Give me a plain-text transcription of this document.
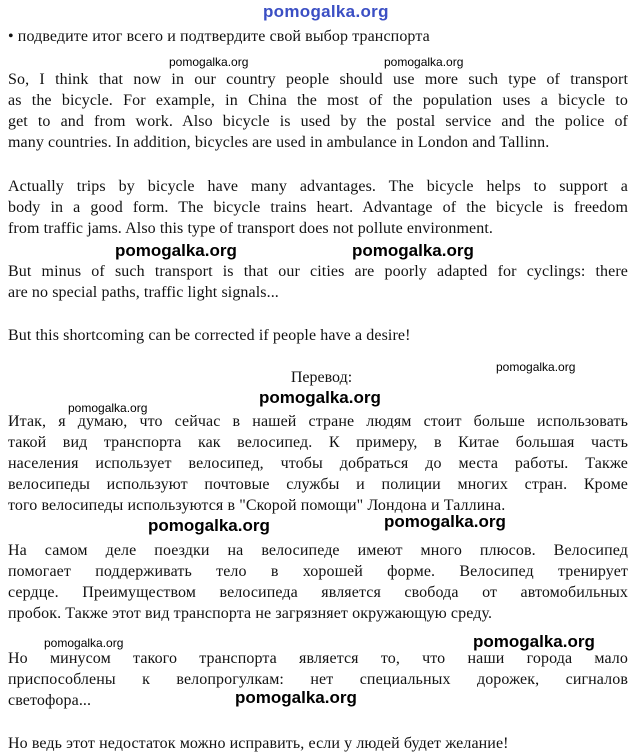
pomogalka.org
• подведите итог всего и подтвердите свой выбор транспорта
So, I think that now in our country people should use more such type of transport
as the bicycle. For example, in China the most of the population uses a bicycle to
get to and from work. Also bicycle is used by the postal service and the police of
many countries. In addition, bicycles are used in ambulance in London and Tallinn.
Actually trips by bicycle have many advantages. The bicycle helps to support a
body in a good form. The bicycle trains heart. Advantage of the bicycle is freedom
from traffic jams. Also this type of transport does not pollute environment.
But minus of such transport is that our cities are poorly adapted for cyclings: there
are no special paths, traffic light signals...
But this shortcoming can be corrected if people have a desire!
Перевод:
Итак, я думаю, что сейчас в нашей стране людям стоит больше использовать
такой вид транспорта как велосипед. К примеру, в Китае большая часть
населения использует велосипед, чтобы добраться до места работы. Также
велосипеды используют почтовые службы и полиции многих стран. Кроме
того велосипеды используются в "Скорой помощи" Лондона и Таллина.
На самом деле поездки на велосипеде имеют много плюсов. Велосипед
помогает поддерживать тело в хорошей форме. Велосипед тренирует
сердце. Преимуществом велосипеда является свобода от автомобильных
пробок. Также этот вид транспорта не загрязняет окружающую среду.
Но минусом такого транспорта является то, что наши города мало
приспособлены к велопрогулкам: нет специальных дорожек, сигналов
светофора...
Но ведь этот недостаток можно исправить, если у людей будет желание!
pomogalka.org	pomogalka.org
pomogalka.org	pomogalka.org
pomogalka.org
pomogalka.org
pomogalka.org
pomogalka.org	pomogalka.org
pomogalka.org	pomogalka.org
pomogalka.org
